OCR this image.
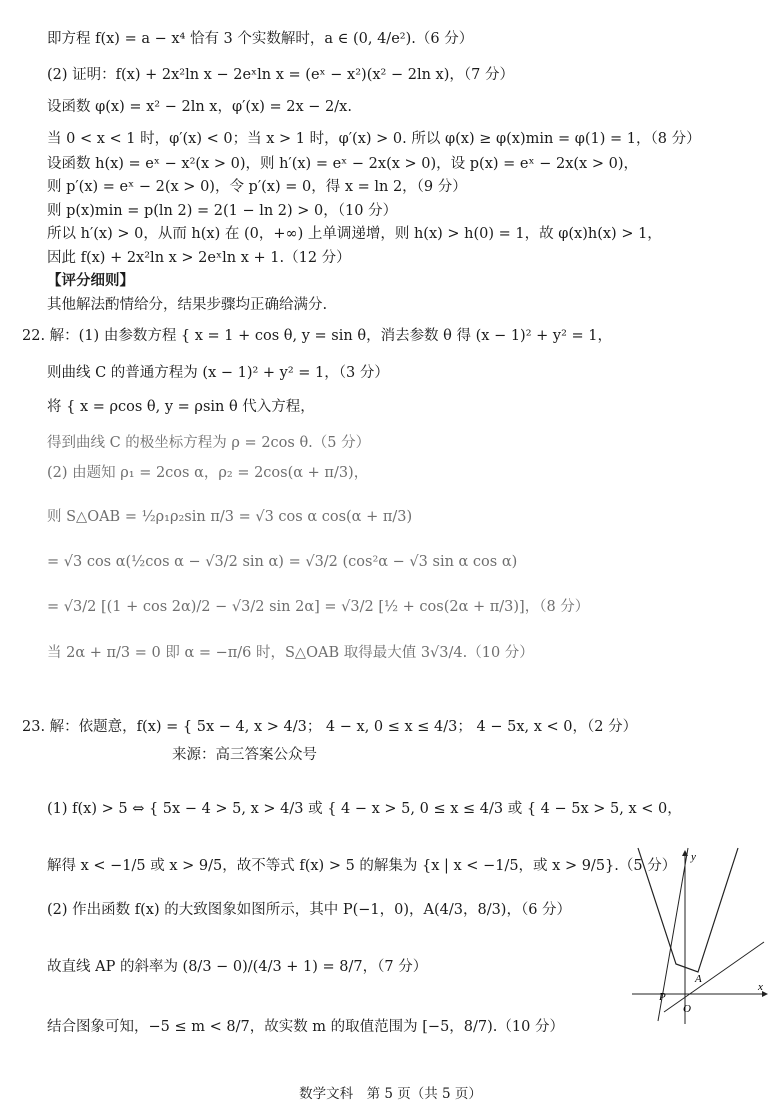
即方程 f(x) = a − x⁴ 恰有 3 个实数解时，a ∈ (0, 4/e²).（6 分）
(2) 证明：f(x) + 2x²ln x − 2eˣln x = (eˣ − x²)(x² − 2ln x)，（7 分）
设函数 φ(x) = x² − 2ln x，φ′(x) = 2x − 2/x.
当 0 < x < 1 时，φ′(x) < 0；当 x > 1 时，φ′(x) > 0. 所以 φ(x) ≥ φ(x)min = φ(1) = 1，（8 分）
设函数 h(x) = eˣ − x²(x > 0)，则 h′(x) = eˣ − 2x(x > 0)，设 p(x) = eˣ − 2x(x > 0)，
则 p′(x) = eˣ − 2(x > 0)，令 p′(x) = 0，得 x = ln 2，（9 分）
则 p(x)min = p(ln 2) = 2(1 − ln 2) > 0，（10 分）
所以 h′(x) > 0，从而 h(x) 在 (0，+∞) 上单调递增，则 h(x) > h(0) = 1，故 φ(x)h(x) > 1，
因此 f(x) + 2x²ln x > 2eˣln x + 1.（12 分）
【评分细则】
其他解法酌情给分，结果步骤均正确给满分.
22. 解：(1) 由参数方程 { x = 1 + cos θ, y = sin θ，消去参数 θ 得 (x − 1)² + y² = 1，
则曲线 C 的普通方程为 (x − 1)² + y² = 1，（3 分）
将 { x = ρcos θ, y = ρsin θ 代入方程，
得到曲线 C 的极坐标方程为 ρ = 2cos θ.（5 分）
(2) 由题知 ρ₁ = 2cos α，ρ₂ = 2cos(α + π/3)，
则 S△OAB = ½ρ₁ρ₂sin π/3 = √3 cos α cos(α + π/3)
= √3 cos α(½cos α − √3/2 sin α) = √3/2 (cos²α − √3 sin α cos α)
= √3/2 [(1 + cos 2α)/2 − √3/2 sin 2α] = √3/2 [½ + cos(2α + π/3)]，（8 分）
当 2α + π/3 = 0 即 α = −π/6 时，S△OAB 取得最大值 3√3/4.（10 分）
23. 解：依题意，f(x) = { 5x − 4, x > 4/3； 4 − x, 0 ≤ x ≤ 4/3； 4 − 5x, x < 0，（2 分）
来源：高三答案公众号
(1) f(x) > 5 ⇔ { 5x − 4 > 5, x > 4/3 或 { 4 − x > 5, 0 ≤ x ≤ 4/3 或 { 4 − 5x > 5, x < 0，
解得 x < −1/5 或 x > 9/5，故不等式 f(x) > 5 的解集为 {x | x < −1/5，或 x > 9/5}.（5 分）
(2) 作出函数 f(x) 的大致图象如图所示，其中 P(−1，0)，A(4/3，8/3)，（6 分）
故直线 AP 的斜率为 (8/3 − 0)/(4/3 + 1) = 8/7，（7 分）
结合图象可知，−5 ≤ m < 8/7，故实数 m 的取值范围为 [−5，8/7).（10 分）
y
x
A
P
O
数学文科　第 5 页（共 5 页）
